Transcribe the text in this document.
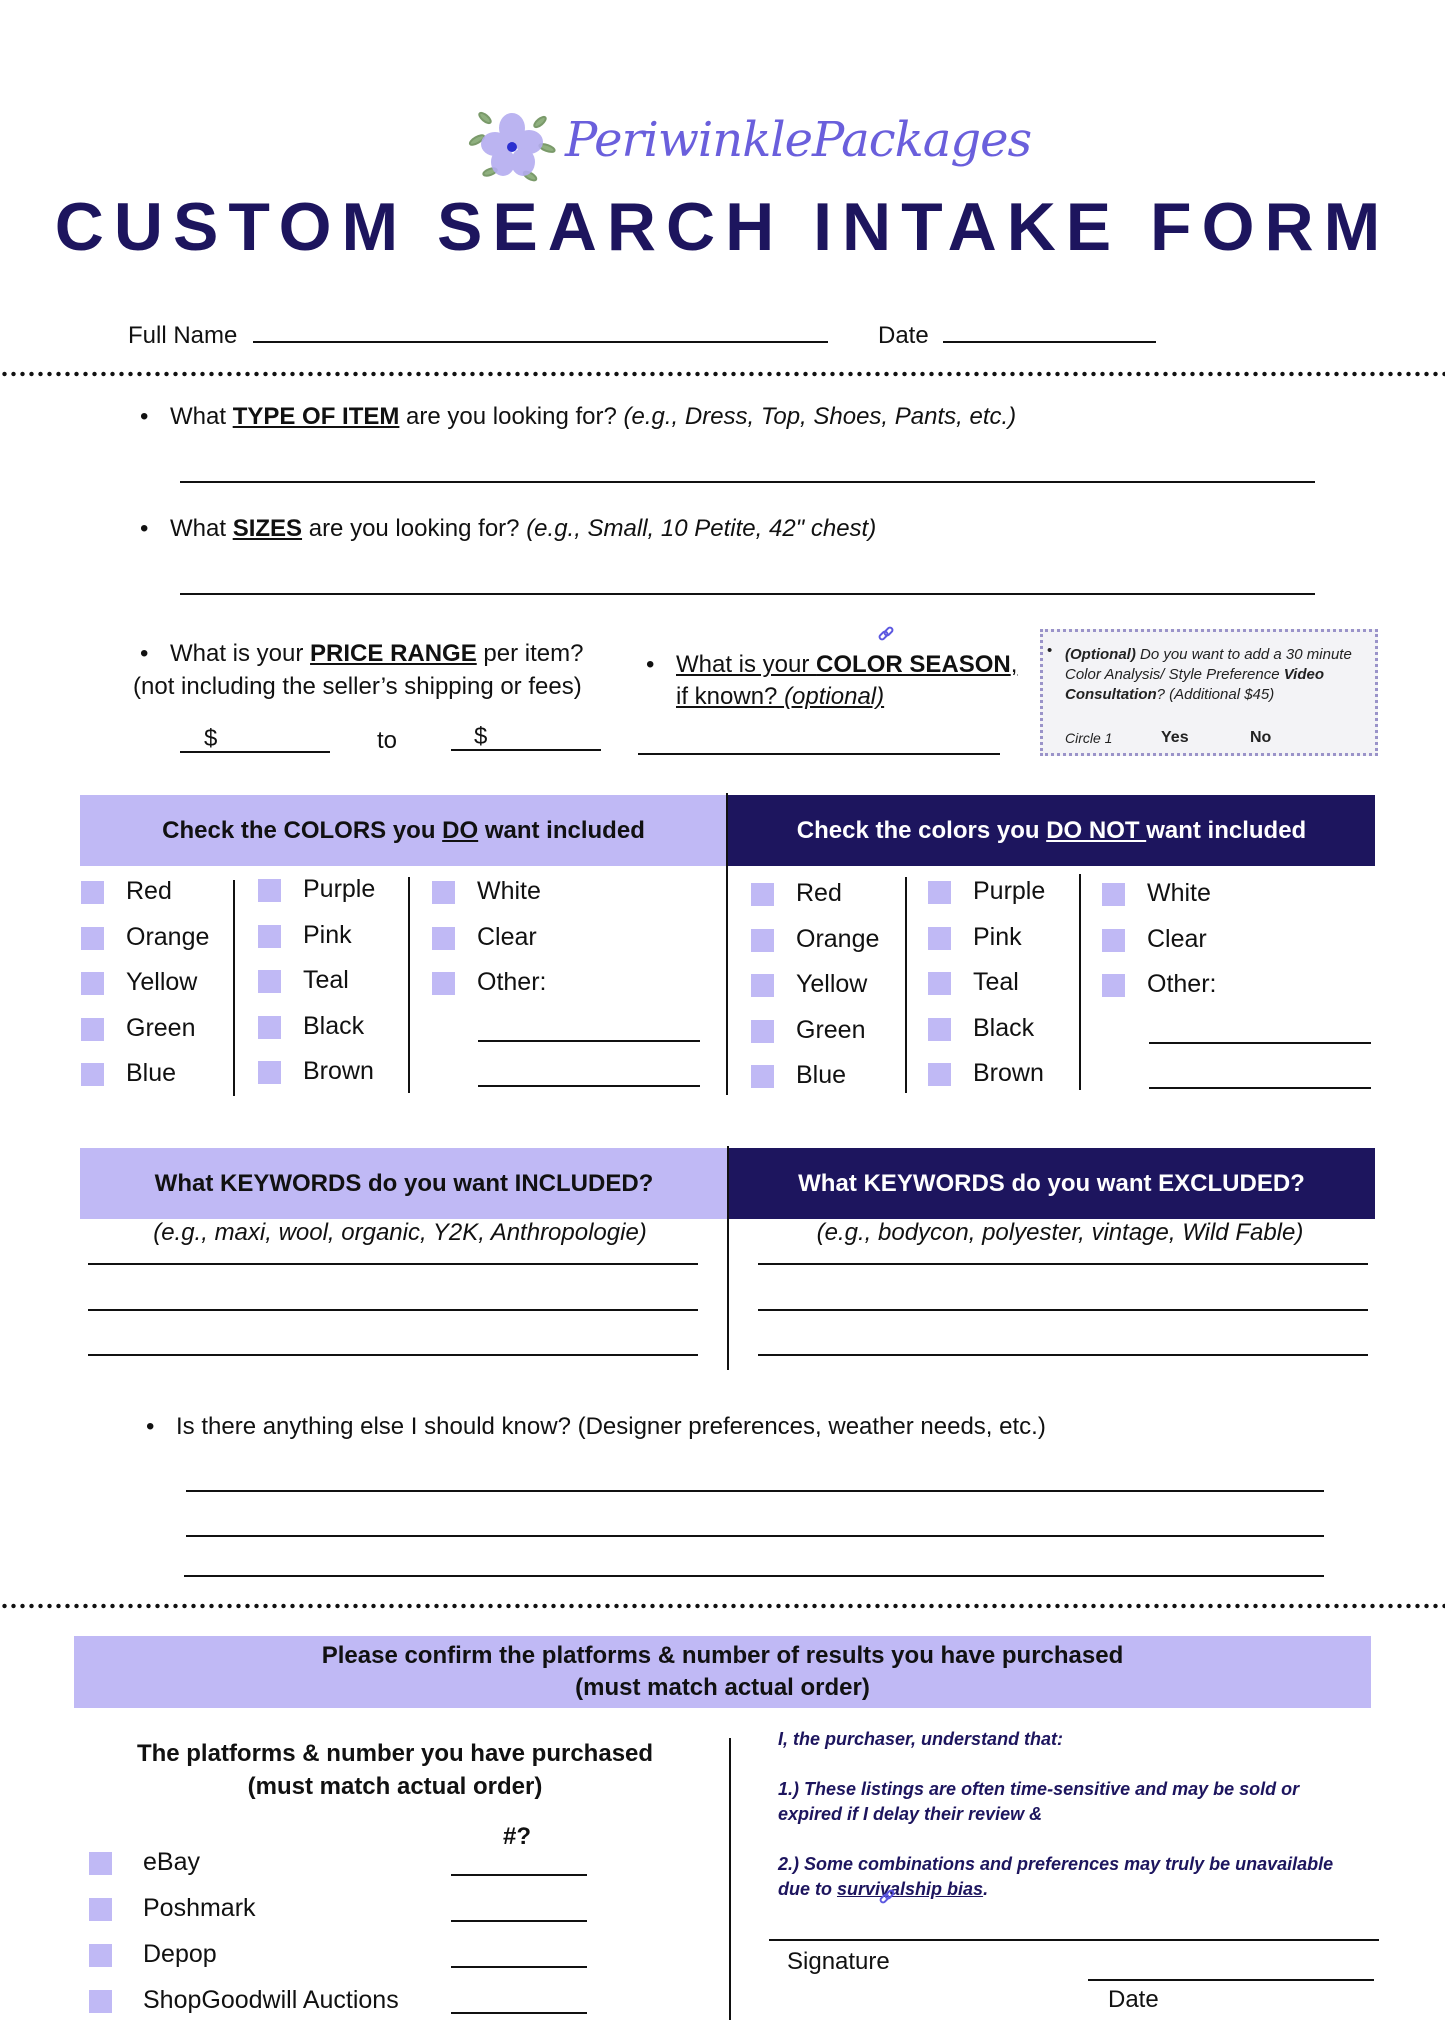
PeriwinklePackages
CUSTOM SEARCH INTAKE FORM
Full Name	Date
• What TYPE OF ITEM are you looking for? (e.g., Dress, Top, Shoes, Pants, etc.)
• What SIZES are you looking for? (e.g., Small, 10 Petite, 42" chest)
• What is your PRICE RANGE per item?
(not including the seller’s shipping or fees)
$	to	$
• What is your COLOR SEASON, if known? (optional)
• (Optional) Do you want to add a 30 minute Color Analysis/ Style Preference Video Consultation? (Additional $45)
Circle 1	Yes	No
Check the COLORS you DO want included	Check the colors you DO NOT want included
Red
Orange
Yellow
Green
Blue
Purple
Pink
Teal
Black
Brown
White
Clear
Other:
Red
Orange
Yellow
Green
Blue
Purple
Pink
Teal
Black
Brown
White
Clear
Other:
What KEYWORDS do you want INCLUDED?	What KEYWORDS do you want EXCLUDED?
(e.g., maxi, wool, organic, Y2K, Anthropologie)	(e.g., bodycon, polyester, vintage, Wild Fable)
• Is there anything else I should know? (Designer preferences, weather needs, etc.)
Please confirm the platforms & number of results you have purchased
(must match actual order)
The platforms & number you have purchased
(must match actual order)
#?
eBay
Poshmark
Depop
ShopGoodwill Auctions
I, the purchaser, understand that:
1.) These listings are often time-sensitive and may be sold or expired if I delay their review &
2.) Some combinations and preferences may truly be unavailable due to survivalship bias.
Signature
Date
